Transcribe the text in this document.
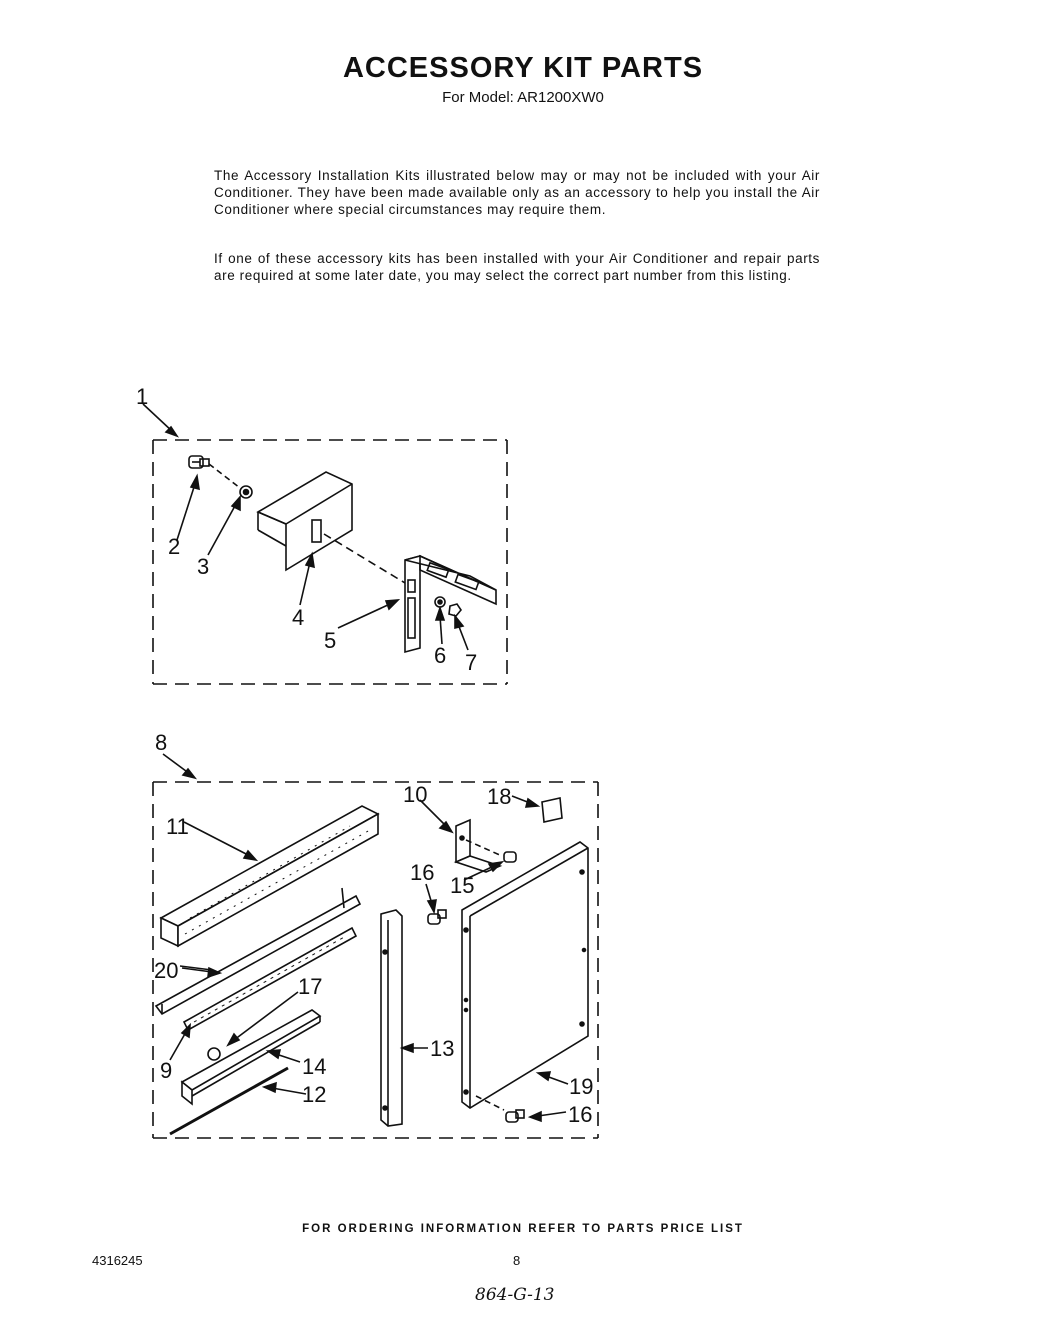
ACCESSORY KIT PARTS
For Model: AR1200XW0
The Accessory Installation Kits illustrated below may or may not be included with your Air Conditioner. They have been made available only as an accessory to help you install the Air Conditioner where special circumstances may require them.
If one of these accessory kits has been installed with your Air Conditioner and repair parts are required at some later date, you may select the correct part number from this listing.
1
2
3
4
5
6 7
8
9
10
11
12
13
14
15
16
16
17
18
19
20
FOR ORDERING INFORMATION REFER TO PARTS PRICE LIST
4316245	8
864-G-13
